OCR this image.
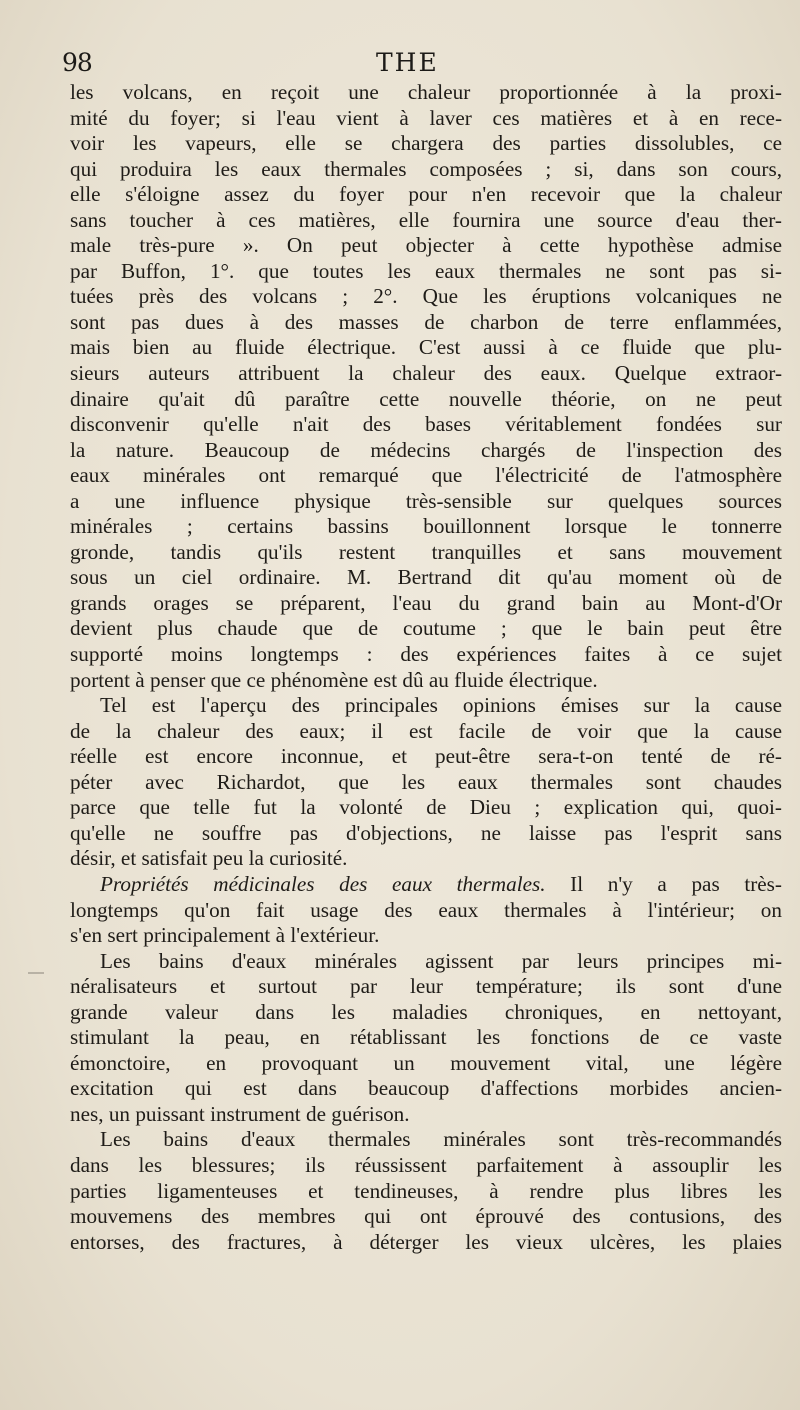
98	THE
les volcans, en reçoit une chaleur proportionnée à la proxi-
mité du foyer; si l'eau vient à laver ces matières et à en rece-
voir les vapeurs, elle se chargera des parties dissolubles, ce
qui produira les eaux thermales composées ; si, dans son cours,
elle s'éloigne assez du foyer pour n'en recevoir que la chaleur
sans toucher à ces matières, elle fournira une source d'eau ther-
male très-pure ». On peut objecter à cette hypothèse admise
par Buffon, 1°. que toutes les eaux thermales ne sont pas si-
tuées près des volcans ; 2°. Que les éruptions volcaniques ne
sont pas dues à des masses de charbon de terre enflammées,
mais bien au fluide électrique. C'est aussi à ce fluide que plu-
sieurs auteurs attribuent la chaleur des eaux. Quelque extraor-
dinaire qu'ait dû paraître cette nouvelle théorie, on ne peut
disconvenir qu'elle n'ait des bases véritablement fondées sur
la nature. Beaucoup de médecins chargés de l'inspection des
eaux minérales ont remarqué que l'électricité de l'atmosphère
a une influence physique très-sensible sur quelques sources
minérales ; certains bassins bouillonnent lorsque le tonnerre
gronde, tandis qu'ils restent tranquilles et sans mouvement
sous un ciel ordinaire. M. Bertrand dit qu'au moment où de
grands orages se préparent, l'eau du grand bain au Mont-d'Or
devient plus chaude que de coutume ; que le bain peut être
supporté moins longtemps : des expériences faites à ce sujet
portent à penser que ce phénomène est dû au fluide électrique.
Tel est l'aperçu des principales opinions émises sur la cause
de la chaleur des eaux; il est facile de voir que la cause
réelle est encore inconnue, et peut-être sera-t-on tenté de ré-
péter avec Richardot, que les eaux thermales sont chaudes
parce que telle fut la volonté de Dieu ; explication qui, quoi-
qu'elle ne souffre pas d'objections, ne laisse pas l'esprit sans
désir, et satisfait peu la curiosité.
Propriétés médicinales des eaux thermales. Il n'y a pas très-
longtemps qu'on fait usage des eaux thermales à l'intérieur; on
s'en sert principalement à l'extérieur.
Les bains d'eaux minérales agissent par leurs principes mi-
néralisateurs et surtout par leur température; ils sont d'une
grande valeur dans les maladies chroniques, en nettoyant,
stimulant la peau, en rétablissant les fonctions de ce vaste
émonctoire, en provoquant un mouvement vital, une légère
excitation qui est dans beaucoup d'affections morbides ancien-
nes, un puissant instrument de guérison.
Les bains d'eaux thermales minérales sont très-recommandés
dans les blessures; ils réussissent parfaitement à assouplir les
parties ligamenteuses et tendineuses, à rendre plus libres les
mouvemens des membres qui ont éprouvé des contusions, des
entorses, des fractures, à déterger les vieux ulcères, les plaies
